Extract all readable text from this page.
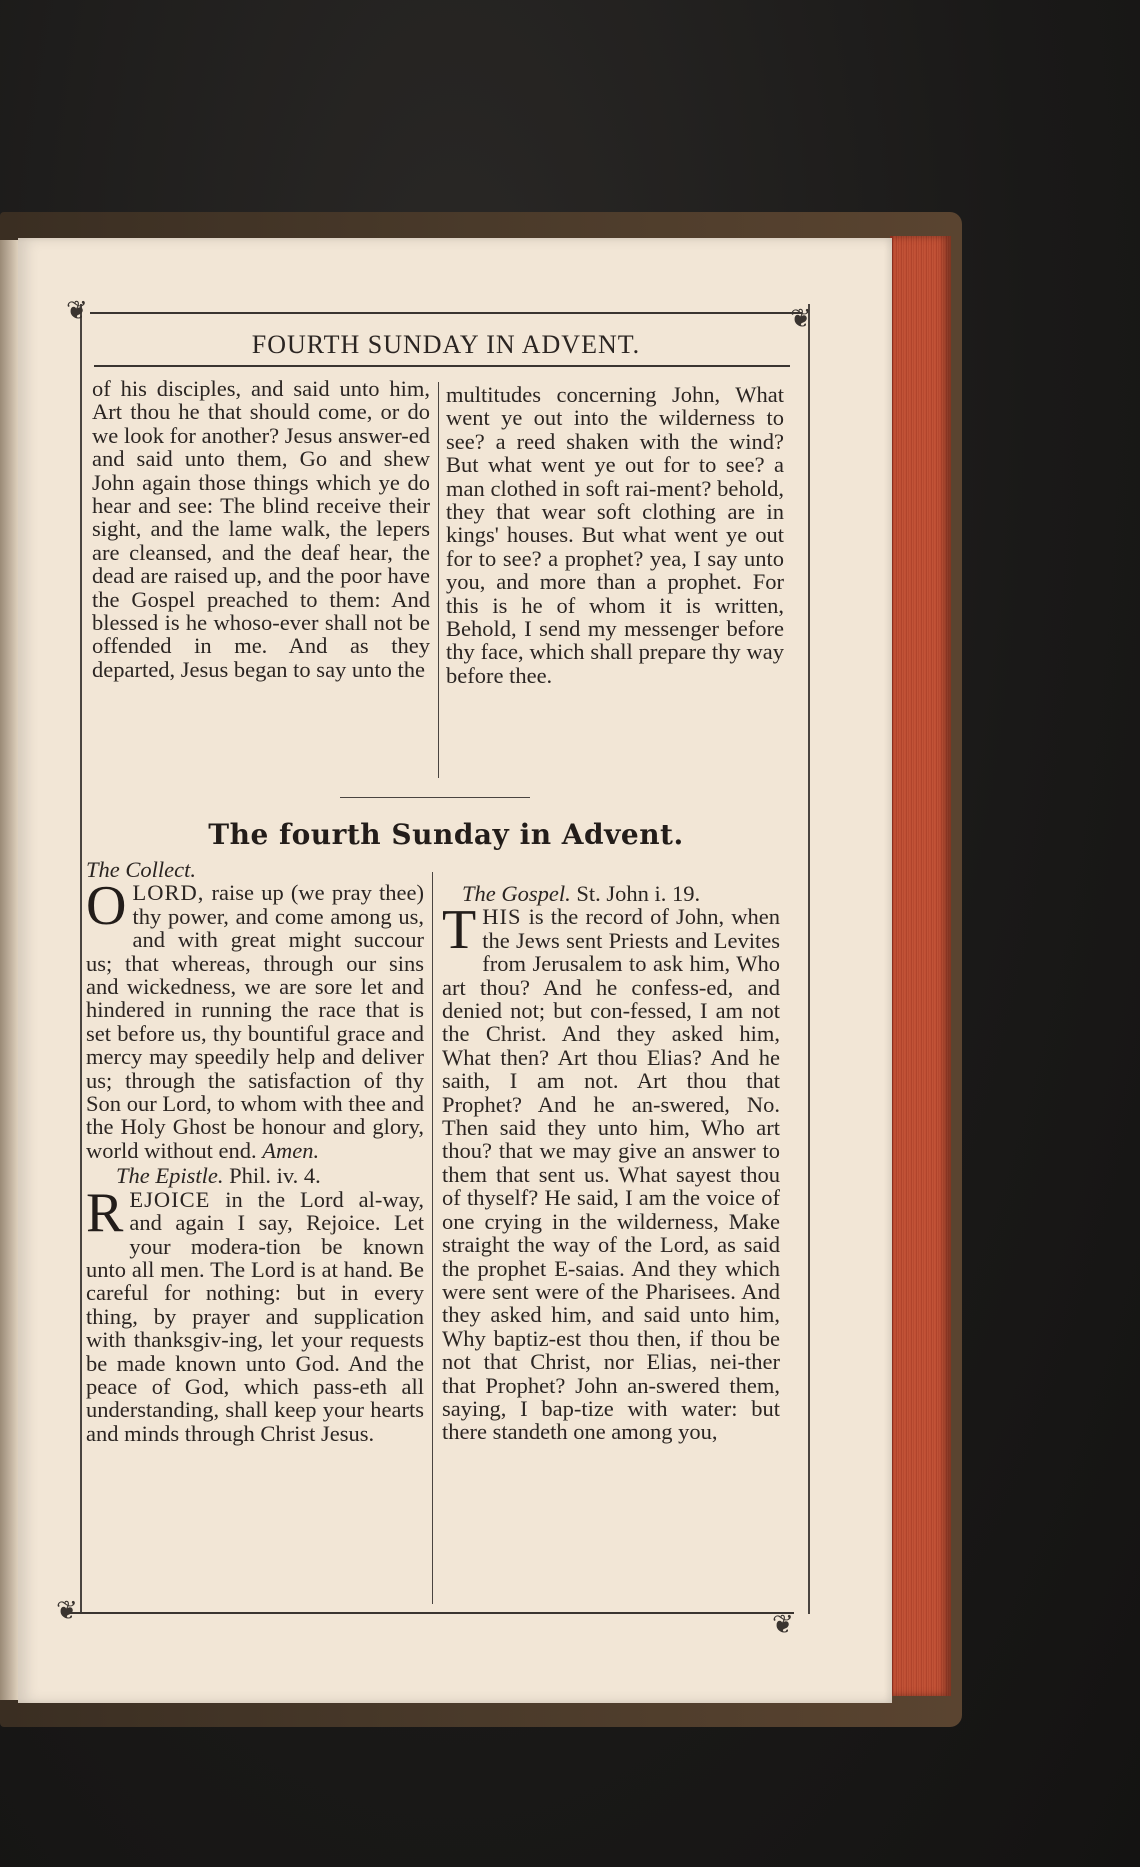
❦	❦
❦	❦
FOURTH SUNDAY IN ADVENT.

of his disciples, and said unto him, Art thou he that should come, or do we look for another? Jesus answer-ed and said unto them, Go and shew John again those things which ye do hear and see: The blind receive their sight, and the lame walk, the lepers are cleansed, and the deaf hear, the dead are raised up, and the poor have the Gospel preached to them: And blessed is he whoso-ever shall not be offended in me. And as they departed, Jesus began to say unto the

multitudes concerning John, What went ye out into the wilderness to see? a reed shaken with the wind? But what went ye out for to see? a man clothed in soft rai-ment? behold, they that wear soft clothing are in kings' houses. But what went ye out for to see? a prophet? yea, I say unto you, and more than a prophet. For this is he of whom it is written, Behold, I send my messenger before thy face, which shall prepare thy way before thee.

The fourth Sunday in Advent.

The Collect.

OLORD, raise up (we pray thee) thy power, and come among us, and with great might succour us; that whereas, through our sins and wickedness, we are sore let and hindered in running the race that is set before us, thy bountiful grace and mercy may speedily help and deliver us; through the satisfaction of thy Son our Lord, to whom with thee and the Holy Ghost be honour and glory, world without end. Amen.

The Epistle. Phil. iv. 4.

REJOICE in the Lord al-way, and again I say, Rejoice. Let your modera-tion be known unto all men. The Lord is at hand. Be careful for nothing: but in every thing, by prayer and supplication with thanksgiv-ing, let your requests be made known unto God. And the peace of God, which pass-eth all understanding, shall keep your hearts and minds through Christ Jesus.

The Gospel. St. John i. 19.

THIS is the record of John, when the Jews sent Priests and Levites from Jerusalem to ask him, Who art thou? And he confess-ed, and denied not; but con-fessed, I am not the Christ. And they asked him, What then? Art thou Elias? And he saith, I am not. Art thou that Prophet? And he an-swered, No. Then said they unto him, Who art thou? that we may give an answer to them that sent us. What sayest thou of thyself? He said, I am the voice of one crying in the wilderness, Make straight the way of the Lord, as said the prophet E-saias. And they which were sent were of the Pharisees. And they asked him, and said unto him, Why baptiz-est thou then, if thou be not that Christ, nor Elias, nei-ther that Prophet? John an-swered them, saying, I bap-tize with water: but there standeth one among you,
